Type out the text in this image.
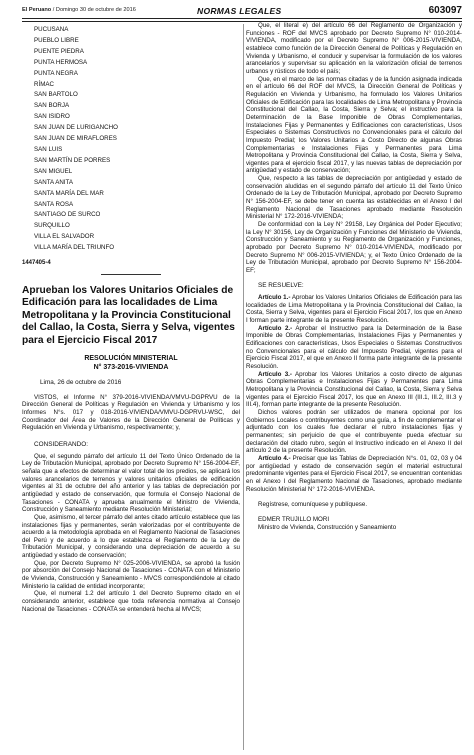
El Peruano / Domingo 30 de octubre de 2016	NORMAS LEGALES	603097
PUCUSANA
PUEBLO LIBRE
PUENTE PIEDRA
PUNTA HERMOSA
PUNTA NEGRA
RÍMAC
SAN BARTOLO
SAN BORJA
SAN ISIDRO
SAN JUAN DE LURIGANCHO
SAN JUAN DE MIRAFLORES
SAN LUIS
SAN MARTÍN DE PORRES
SAN MIGUEL
SANTA ANITA
SANTA MARÍA DEL MAR
SANTA ROSA
SANTIAGO DE SURCO
SURQUILLO
VILLA EL SALVADOR
VILLA MARÍA DEL TRIUNFO
1447405-4
Aprueban los Valores Unitarios Oficiales de Edificación para las localidades de Lima Metropolitana y la Provincia Constitucional del Callao, la Costa, Sierra y Selva, vigentes para el Ejercicio Fiscal 2017
RESOLUCIÓN MINISTERIAL
N° 373-2016-VIVIENDA
Lima, 26 de octubre de 2016

VISTOS, el Informe N° 379-2016-VIVIENDA/VMVU-DGPRVU de la Dirección General de Políticas y Regulación en Vivienda y Urbanismo y los Informes N°s. 017 y 018-2016-VIVIENDA/VMVU-DGPRVU-WSC, del Coordinador del Área de Valores de la Dirección General de Políticas y Regulación en Vivienda y Urbanismo, respectivamente; y,

CONSIDERANDO:

Que, el segundo párrafo del artículo 11 del Texto Único Ordenado de la Ley de Tributación Municipal, aprobado por Decreto Supremo N° 156-2004-EF, señala que a efectos de determinar el valor total de los predios, se aplicará los valores arancelarios de terrenos y valores unitarios oficiales de edificación vigentes al 31 de octubre del año anterior y las tablas de depreciación por antigüedad y estado de conservación, que formula el Consejo Nacional de Tasaciones - CONATA y aprueba anualmente el Ministro de Vivienda, Construcción y Saneamiento mediante Resolución Ministerial;

Que, asimismo, el tercer párrafo del antes citado artículo establece que las instalaciones fijas y permanentes, serán valorizadas por el contribuyente de acuerdo a la metodología aprobada en el Reglamento Nacional de Tasaciones del Perú y de acuerdo a lo que establezca el Reglamento de la Ley de Tributación Municipal, y considerando una depreciación de acuerdo a su antigüedad y estado de conservación;

Que, por Decreto Supremo N° 025-2006-VIVIENDA, se aprobó la fusión por absorción del Consejo Nacional de Tasaciones - CONATA con el Ministerio de Vivienda, Construcción y Saneamiento - MVCS correspondiéndole al citado Ministerio la calidad de entidad incorporante;

Que, el numeral 1.2 del artículo 1 del Decreto Supremo citado en el considerando anterior, establece que toda referencia normativa al Consejo Nacional de Tasaciones - CONATA se entenderá hecha al MVCS;

Que, el literal e) del artículo 66 del Reglamento de Organización y Funciones - ROF del MVCS aprobado por Decreto Supremo N° 010-2014-VIVIENDA, modificado por el Decreto Supremo N° 006-2015-VIVIENDA, establece como función de la Dirección General de Políticas y Regulación en Vivienda y Urbanismo, el conducir y supervisar la formulación de los valores arancelarios y supervisar su aplicación en la valorización oficial de terrenos urbanos y rústicos de todo el país;

Que, en el marco de las normas citadas y de la función asignada indicada en el artículo 66 del ROF del MVCS, la Dirección General de Políticas y Regulación en Vivienda y Urbanismo, ha formulado los Valores Unitarios Oficiales de Edificación para las localidades de Lima Metropolitana y Provincia Constitucional del Callao, la Costa, Sierra y Selva; el instructivo para la Determinación de la Base Imponible de Obras Complementarias, Instalaciones Fijas y Permanentes y Edificaciones con características, Usos Especiales o Sistemas Constructivos no Convencionales para el cálculo del Impuesto Predial; los Valores Unitarios a Costo Directo de algunas Obras Complementarias e Instalaciones Fijas y Permanentes para Lima Metropolitana y Provincia Constitucional del Callao, la Costa, Sierra y Selva, vigentes para el ejercicio fiscal 2017, y las nuevas tablas de depreciación por antigüedad y estado de conservación;

Que, respecto a las tablas de depreciación por antigüedad y estado de conservación aludidas en el segundo párrafo del artículo 11 del Texto Único Ordenado de la Ley de Tributación Municipal, aprobado por Decreto Supremo N° 156-2004-EF, se debe tener en cuenta las establecidas en el Anexo I del Reglamento Nacional de Tasaciones aprobado mediante Resolución Ministerial N° 172-2016-VIVIENDA;

De conformidad con la Ley N° 29158, Ley Orgánica del Poder Ejecutivo; la Ley N° 30156, Ley de Organización y Funciones del Ministerio de Vivienda, Construcción y Saneamiento y su Reglamento de Organización y Funciones, aprobado por Decreto Supremo N° 010-2014-VIVIENDA, modificado por Decreto Supremo N° 006-2015-VIVIENDA; y, el Texto Único Ordenado de la Ley de Tributación Municipal, aprobado por Decreto Supremo N° 156-2004-EF;

SE RESUELVE:

Artículo 1.- Aprobar los Valores Unitarios Oficiales de Edificación para las localidades de Lima Metropolitana y la Provincia Constitucional del Callao, la Costa, Sierra y Selva, vigentes para el Ejercicio Fiscal 2017, los que en Anexo I forman parte integrante de la presente Resolución.

Artículo 2.- Aprobar el Instructivo para la Determinación de la Base Imponible de Obras Complementarias, Instalaciones Fijas y Permanentes y Edificaciones con características, Usos Especiales o Sistemas Constructivos no Convencionales para el cálculo del Impuesto Predial, vigentes para el Ejercicio Fiscal 2017, el que en Anexo II forma parte integrante de la presente Resolución.

Artículo 3.- Aprobar los Valores Unitarios a costo directo de algunas Obras Complementarias e Instalaciones Fijas y Permanentes para Lima Metropolitana y la Provincia Constitucional del Callao, la Costa, Sierra y Selva vigentes para el Ejercicio Fiscal 2017, los que en Anexo III (III.1, III.2, III.3 y III.4), forman parte integrante de la presente Resolución.

Dichos valores podrán ser utilizados de manera opcional por los Gobiernos Locales o contribuyentes como una guía, a fin de complementar el adjuntado con los cuales fue declarar el rubro instalaciones fijas y permanentes; sin perjuicio de que el contribuyente pueda efectuar su declaración del citado rubro, según el Instructivo indicado en el Anexo II del artículo 2 de la presente Resolución.

Artículo 4.- Precisar que las Tablas de Depreciación N°s. 01, 02, 03 y 04 por antigüedad y estado de conservación según el material estructural predominante vigentes para el Ejercicio Fiscal 2017, se encuentran contenidas en el Anexo I del Reglamento Nacional de Tasaciones, aprobado mediante Resolución Ministerial N° 172-2016-VIVIENDA.

Regístrese, comuníquese y publíquese.

EDMER TRUJILLO MORI
Ministro de Vivienda, Construcción y Saneamiento
